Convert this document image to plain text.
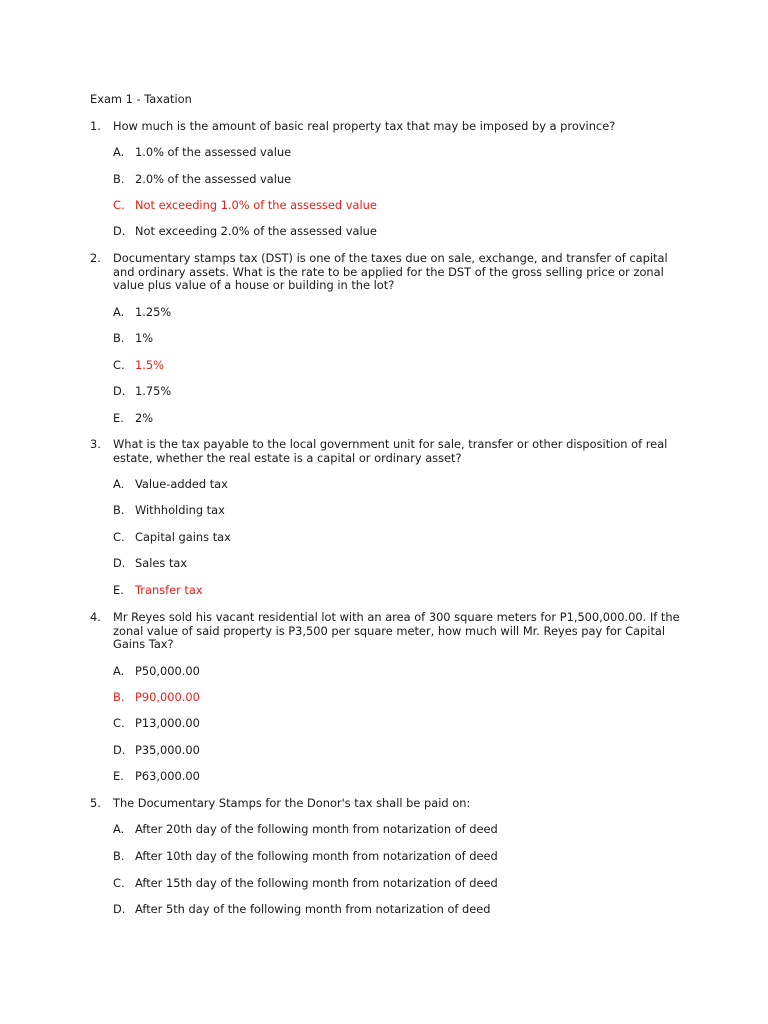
Exam 1 - Taxation
1. How much is the amount of basic real property tax that may be imposed by a province?
A. 1.0% of the assessed value
B. 2.0% of the assessed value
C. Not exceeding 1.0% of the assessed value
D. Not exceeding 2.0% of the assessed value
2. Documentary stamps tax (DST) is one of the taxes due on sale, exchange, and transfer of capital and ordinary assets. What is the rate to be applied for the DST of the gross selling price or zonal value plus value of a house or building in the lot?
A. 1.25%
B. 1%
C. 1.5%
D. 1.75%
E. 2%
3. What is the tax payable to the local government unit for sale, transfer or other disposition of real estate, whether the real estate is a capital or ordinary asset?
A. Value-added tax
B. Withholding tax
C. Capital gains tax
D. Sales tax
E. Transfer tax
4. Mr Reyes sold his vacant residential lot with an area of 300 square meters for P1,500,000.00. If the zonal value of said property is P3,500 per square meter, how much will Mr. Reyes pay for Capital Gains Tax?
A. P50,000.00
B. P90,000.00
C. P13,000.00
D. P35,000.00
E. P63,000.00
5. The Documentary Stamps for the Donor's tax shall be paid on:
A. After 20th day of the following month from notarization of deed
B. After 10th day of the following month from notarization of deed
C. After 15th day of the following month from notarization of deed
D. After 5th day of the following month from notarization of deed
